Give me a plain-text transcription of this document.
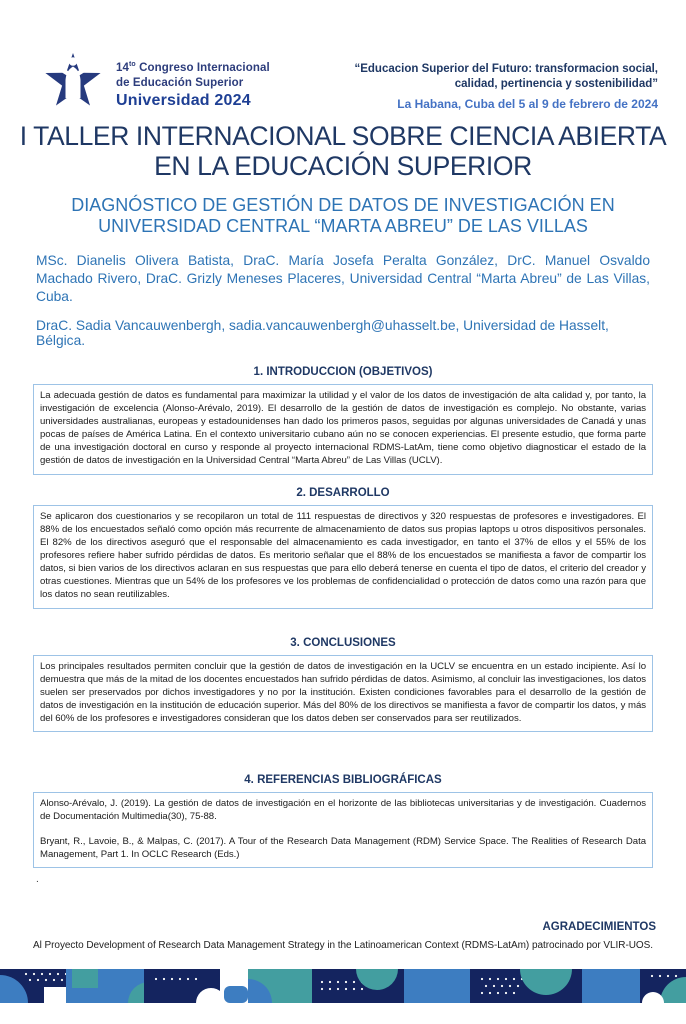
$14^{to}$ Congreso Internacional
de Educación Superior
Universidad 2024
“Educacion Superior del Futuro: transformacion social,
calidad, pertinencia y sostenibilidad”
La Habana, Cuba del 5 al 9 de febrero de 2024
I TALLER INTERNACIONAL SOBRE CIENCIA ABIERTA EN LA EDUCACIÓN SUPERIOR
DIAGNÓSTICO DE GESTIÓN DE DATOS DE INVESTIGACIÓN EN UNIVERSIDAD CENTRAL “MARTA ABREU” DE LAS VILLAS

MSc. Dianelis Olivera Batista, DraC. María Josefa Peralta González, DrC. Manuel Osvaldo Machado Rivero, DraC. Grizly Meneses Placeres, Universidad Central “Marta Abreu” de Las Villas, Cuba.

DraC. Sadia Vancauwenbergh, sadia.vancauwenbergh@uhasselt.be, Universidad de Hasselt, Bélgica.

1. INTRODUCCION (OBJETIVOS)

La adecuada gestión de datos es fundamental para maximizar la utilidad y el valor de los datos de investigación de alta calidad y, por tanto, la investigación de excelencia (Alonso-Arévalo, 2019). El desarrollo de la gestión de datos de investigación es complejo. No obstante, varias universidades australianas, europeas y estadounidenses han dado los primeros pasos, seguidas por algunas universidades de Canadá y unas pocas de países de América Latina. En el contexto universitario cubano aún no se conocen experiencias. El presente estudio, que forma parte de una investigación doctoral en curso y responde al proyecto internacional RDMS-LatAm, tiene como objetivo diagnosticar el estado de la gestión de datos de investigación en la Universidad Central “Marta Abreu” de Las Villas (UCLV).

2. DESARROLLO

Se aplicaron dos cuestionarios y se recopilaron un total de 111 respuestas de directivos y 320 respuestas de profesores e investigadores. El 88% de los encuestados señaló como opción más recurrente de almacenamiento de datos sus propias laptops u otros dispositivos personales. El 82% de los directivos aseguró que el responsable del almacenamiento es cada investigador, en tanto el 37% de ellos y el 55% de los profesores refiere haber sufrido pérdidas de datos. Es meritorio señalar que el 88% de los encuestados se manifiesta a favor de compartir los datos, si bien varios de los directivos aclaran en sus respuestas que para ello deberá tenerse en cuenta el tipo de datos, el criterio del creador y otras cuestiones. Mientras que un 54% de los profesores ve los problemas de confidencialidad o protección de datos como una razón para que los datos no sean reutilizables.

3. CONCLUSIONES

Los principales resultados permiten concluir que la gestión de datos de investigación en la UCLV se encuentra en un estado incipiente. Así lo demuestra que más de la mitad de los docentes encuestados han sufrido pérdidas de datos. Asimismo, al concluir las investigaciones, los datos suelen ser preservados por dichos investigadores y no por la institución. Existen condiciones favorables para el desarrollo de la gestión de datos de investigación en la institución de educación superior. Más del 80% de los directivos se manifiesta a favor de compartir los datos, y más del 60% de los profesores e investigadores consideran que los datos deben ser conservados para ser reutilizados.

4. REFERENCIAS BIBLIOGRÁFICAS

Alonso-Arévalo, J. (2019). La gestión de datos de investigación en el horizonte de las bibliotecas universitarias y de investigación. Cuadernos de Documentación Multimedia(30), 75-88.

Bryant, R., Lavoie, B., & Malpas, C. (2017). A Tour of the Research Data Management (RDM) Service Space. The Realities of Research Data Management, Part 1. In OCLC Research (Eds.)

.
AGRADECIMIENTOS
Al Proyecto Development of Research Data Management Strategy in the Latinoamerican Context (RDMS-LatAm) patrocinado por VLIR-UOS.
